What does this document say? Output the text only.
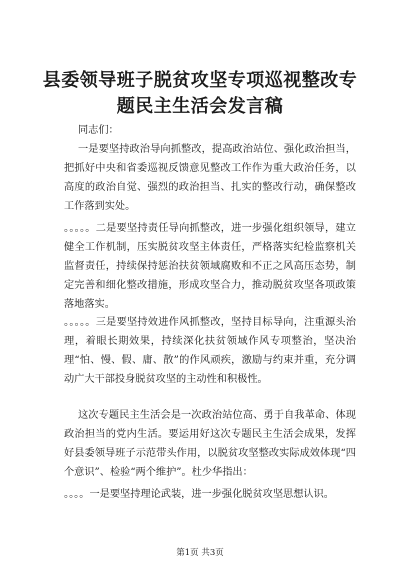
县委领导班子脱贫攻坚专项巡视整改专题民主生活会发言稿
同志们：
一是要坚持政治导向抓整改，提高政治站位、强化政治担当，把抓好中央和省委巡视反馈意见整改工作作为重大政治任务，以高度的政治自觉、强烈的政治担当、扎实的整改行动，确保整改工作落到实处。
。。。。。二是要坚持责任导向抓整改，进一步强化组织领导，建立健全工作机制，压实脱贫攻坚主体责任，严格落实纪检监察机关监督责任，持续保持惩治扶贫领域腐败和不正之风高压态势，制定完善和细化整改措施，形成攻坚合力，推动脱贫攻坚各项政策落地落实。
。。。。。三是要坚持效进作风抓整改，坚持目标导向，注重源头治理，着眼长期效果，持续深化扶贫领域作风专项整治，坚决治理“怕、慢、假、庸、散”的作风顽疾，激励与约束并重，充分调动广大干部投身脱贫攻坚的主动性和积极性。
这次专题民主生活会是一次政治站位高、勇于自我革命、体现政治担当的党内生活。要运用好这次专题民主生活会成果，发挥好县委领导班子示范带头作用，以脱贫攻坚整改实际成效体现“四个意识”、检验“两个维护”。杜少华指出：
。。。。一是要坚持理论武装，进一步强化脱贫攻坚思想认识。
第1页 共3页
